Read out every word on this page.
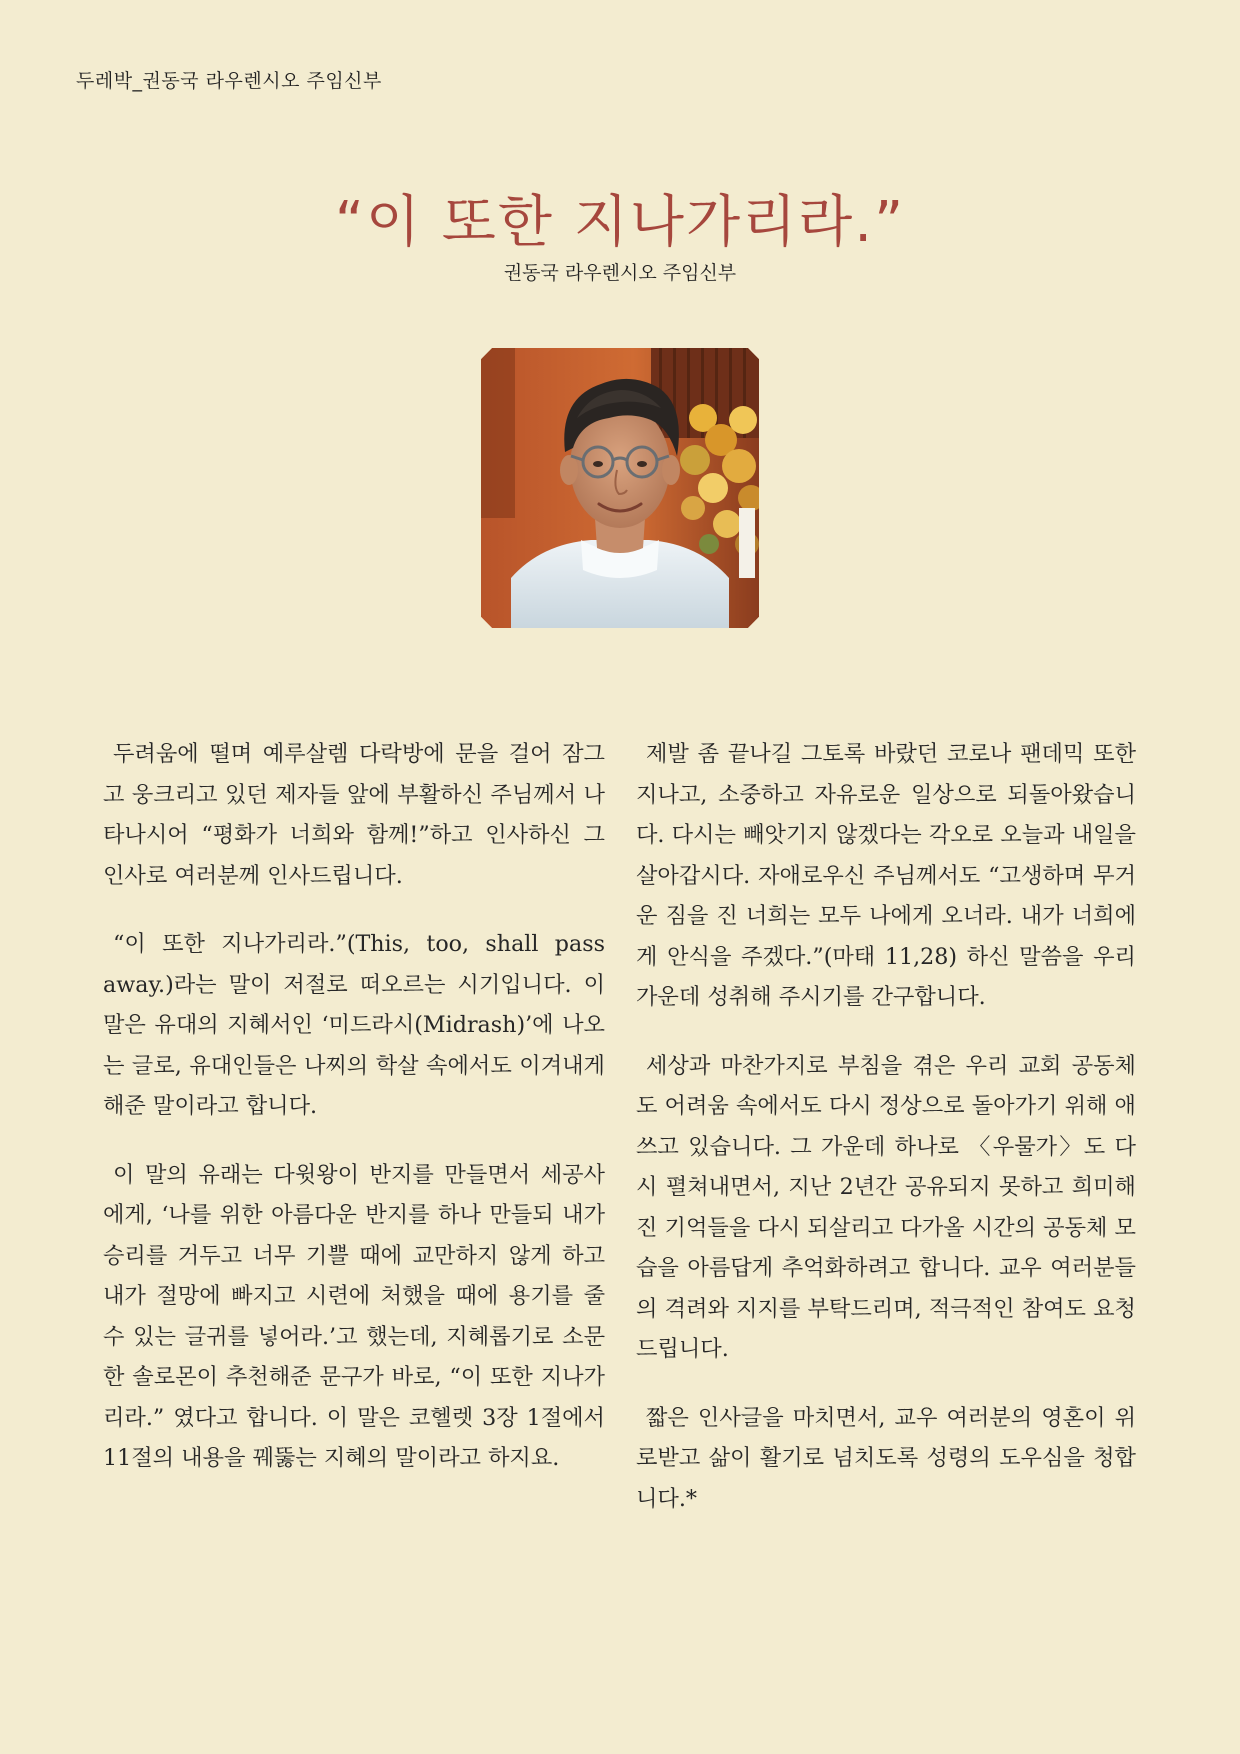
두레박_권동국 라우렌시오 주임신부
“이 또한 지나가리라.”
권동국 라우렌시오 주임신부

두려움에 떨며 예루살렘 다락방에 문을 걸어 잠그고 웅크리고 있던 제자들 앞에 부활하신 주님께서 나타나시어 “평화가 너희와 함께!”하고 인사하신 그 인사로 여러분께 인사드립니다.

“이 또한 지나가리라.”(This, too, shall pass away.)라는 말이 저절로 떠오르는 시기입니다. 이 말은 유대의 지혜서인 ‘미드라시(Midrash)’에 나오는 글로, 유대인들은 나찌의 학살 속에서도 이겨내게 해준 말이라고 합니다.

이 말의 유래는 다윗왕이 반지를 만들면서 세공사에게, ‘나를 위한 아름다운 반지를 하나 만들되 내가 승리를 거두고 너무 기쁠 때에 교만하지 않게 하고 내가 절망에 빠지고 시련에 처했을 때에 용기를 줄 수 있는 글귀를 넣어라.’고 했는데, 지혜롭기로 소문한 솔로몬이 추천해준 문구가 바로, “이 또한 지나가리라.” 였다고 합니다. 이 말은 코헬렛 3장 1절에서 11절의 내용을 꿰뚫는 지혜의 말이라고 하지요.

제발 좀 끝나길 그토록 바랐던 코로나 팬데믹 또한 지나고, 소중하고 자유로운 일상으로 되돌아왔습니다. 다시는 빼앗기지 않겠다는 각오로 오늘과 내일을 살아갑시다. 자애로우신 주님께서도 “고생하며 무거운 짐을 진 너희는 모두 나에게 오너라. 내가 너희에게 안식을 주겠다.”(마태 11,28) 하신 말씀을 우리 가운데 성취해 주시기를 간구합니다.

세상과 마찬가지로 부침을 겪은 우리 교회 공동체도 어려움 속에서도 다시 정상으로 돌아가기 위해 애쓰고 있습니다. 그 가운데 하나로 〈우물가〉도 다시 펼쳐내면서, 지난 2년간 공유되지 못하고 희미해진 기억들을 다시 되살리고 다가올 시간의 공동체 모습을 아름답게 추억화하려고 합니다. 교우 여러분들의 격려와 지지를 부탁드리며, 적극적인 참여도 요청드립니다.

짧은 인사글을 마치면서, 교우 여러분의 영혼이 위로받고 삶이 활기로 넘치도록 성령의 도우심을 청합니다.*
